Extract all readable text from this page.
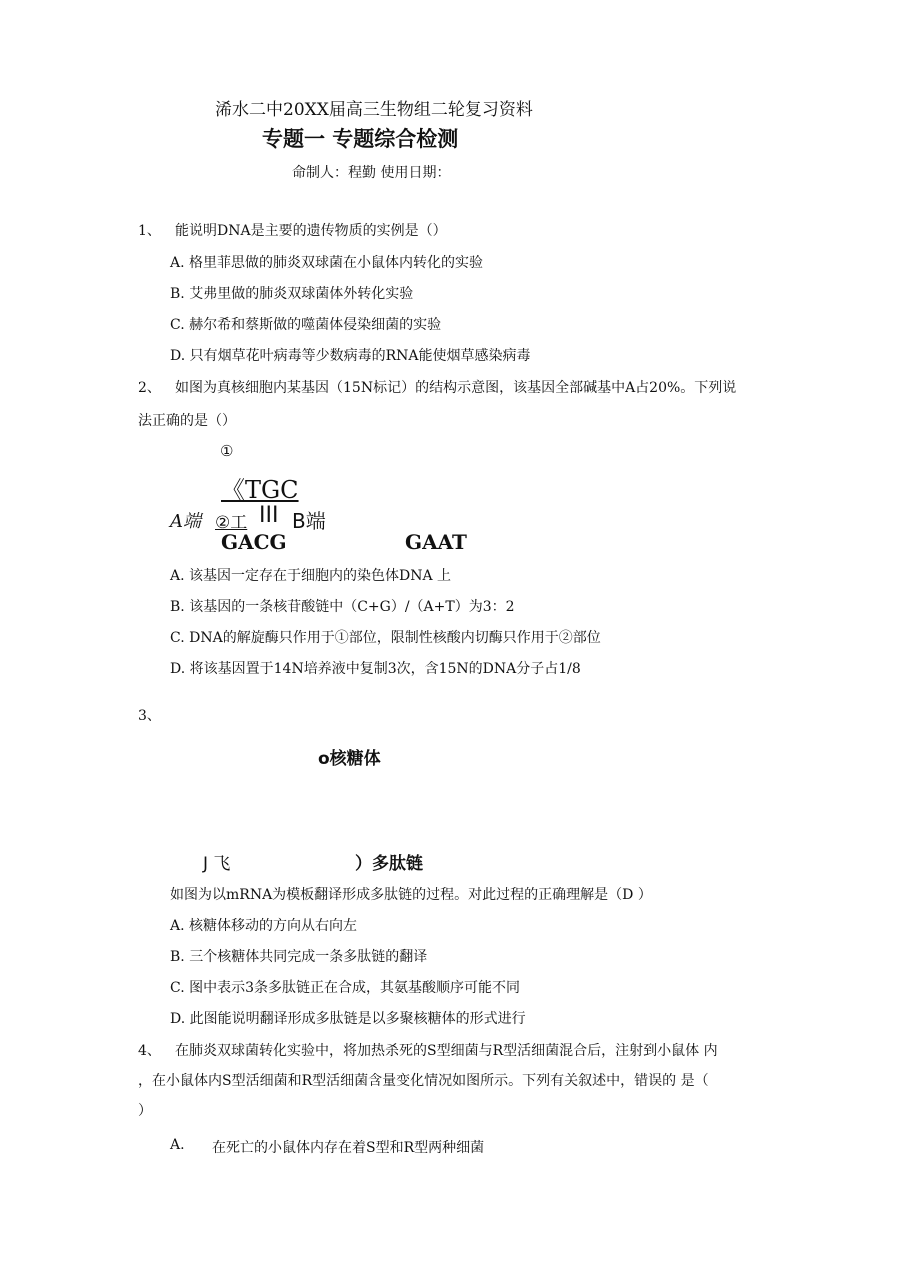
浠水二中20XX届高三生物组二轮复习资料
专题一 专题综合检测
命制人：程勤 使用日期：
1、 能说明DNA是主要的遗传物质的实例是（）
A. 格里菲思做的肺炎双球菌在小鼠体内转化的实验
B. 艾弗里做的肺炎双球菌体外转化实验
C. 赫尔希和蔡斯做的噬菌体侵染细菌的实验
D. 只有烟草花叶病毒等少数病毒的RNA能使烟草感染病毒
2、 如图为真核细胞内某基因（15N标记）的结构示意图，该基因全部碱基中A占20%。下列说
法正确的是（）
①
《TGC
A端 ②工 III B端
GACG	GAAT
A. 该基因一定存在于细胞内的染色体DNA 上
B. 该基因的一条核苷酸链中（C+G）/（A+T）为3：2
C. DNA的解旋酶只作用于①部位，限制性核酸内切酶只作用于②部位
D. 将该基因置于14N培养液中复制3次，含15N的DNA分子占1/8
3、
o核糖体
J 飞	）多肽链
如图为以mRNA为模板翻译形成多肽链的过程。对此过程的正确理解是（D ）
A. 核糖体移动的方向从右向左
B. 三个核糖体共同完成一条多肽链的翻译
C. 图中表示3条多肽链正在合成，其氨基酸顺序可能不同
D. 此图能说明翻译形成多肽链是以多聚核糖体的形式进行
4、 在肺炎双球菌转化实验中，将加热杀死的S型细菌与R型活细菌混合后，注射到小鼠体 内
，在小鼠体内S型活细菌和R型活细菌含量变化情况如图所示。下列有关叙述中，错误的 是（
）
A. 在死亡的小鼠体内存在着S型和R型两种细菌
